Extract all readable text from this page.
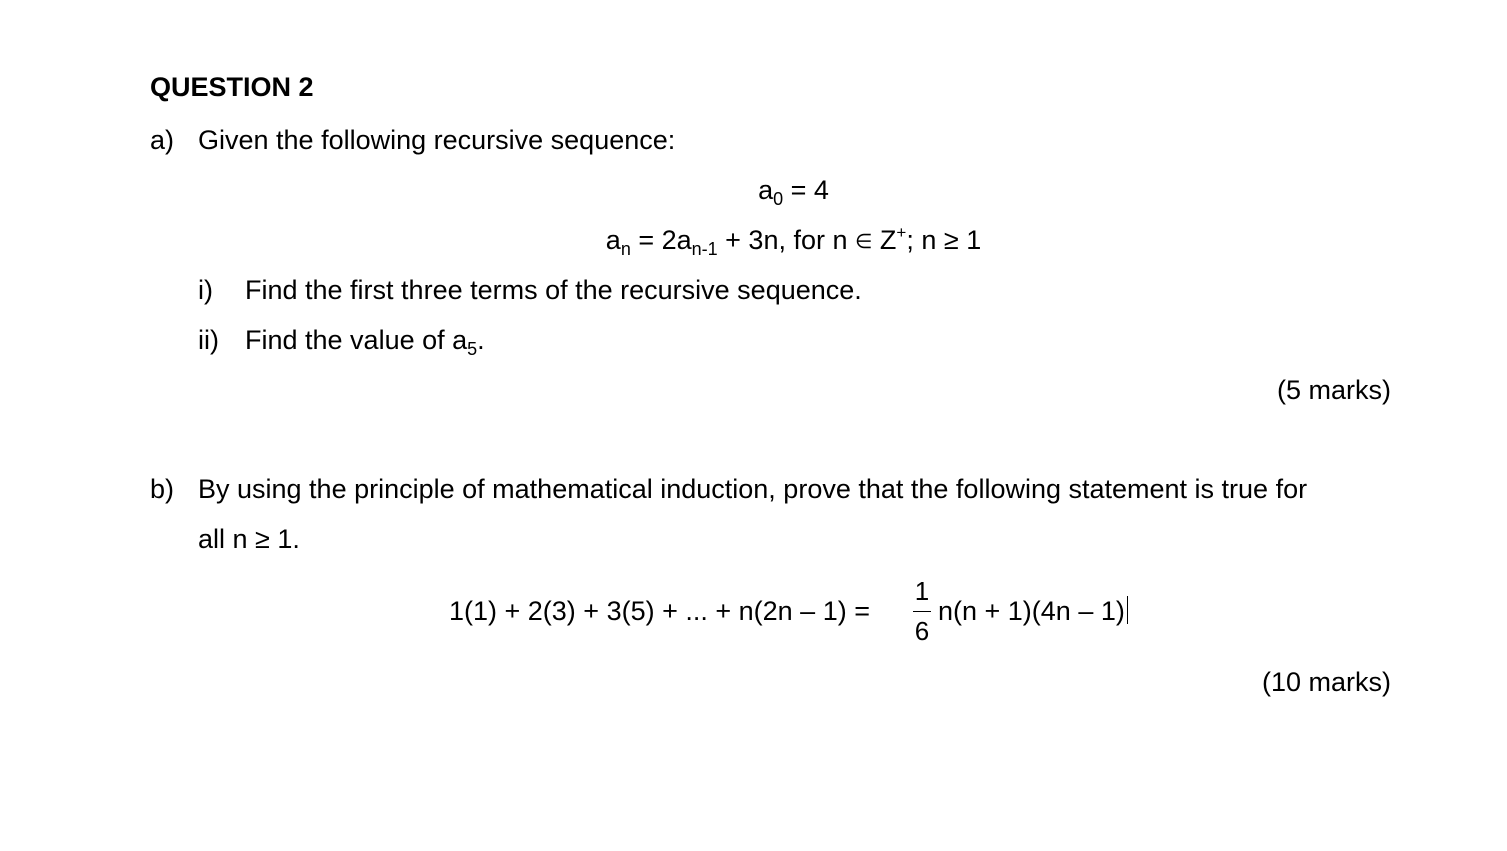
QUESTION 2
a) Given the following recursive sequence:
$a_0 = 4$
$a_n = 2a_{n-1} + 3n$, for n ∈ Z+; n ≥ 1
i) Find the first three terms of the recursive sequence.
ii) Find the value of $a_5$.
(5 marks)
b) By using the principle of mathematical induction, prove that the following statement is true for
all n ≥ 1.
1(1) + 2(3) + 3(5) + ... + n(2n – 1) =
1
6
n(n + 1)(4n – 1)
(10 marks)
